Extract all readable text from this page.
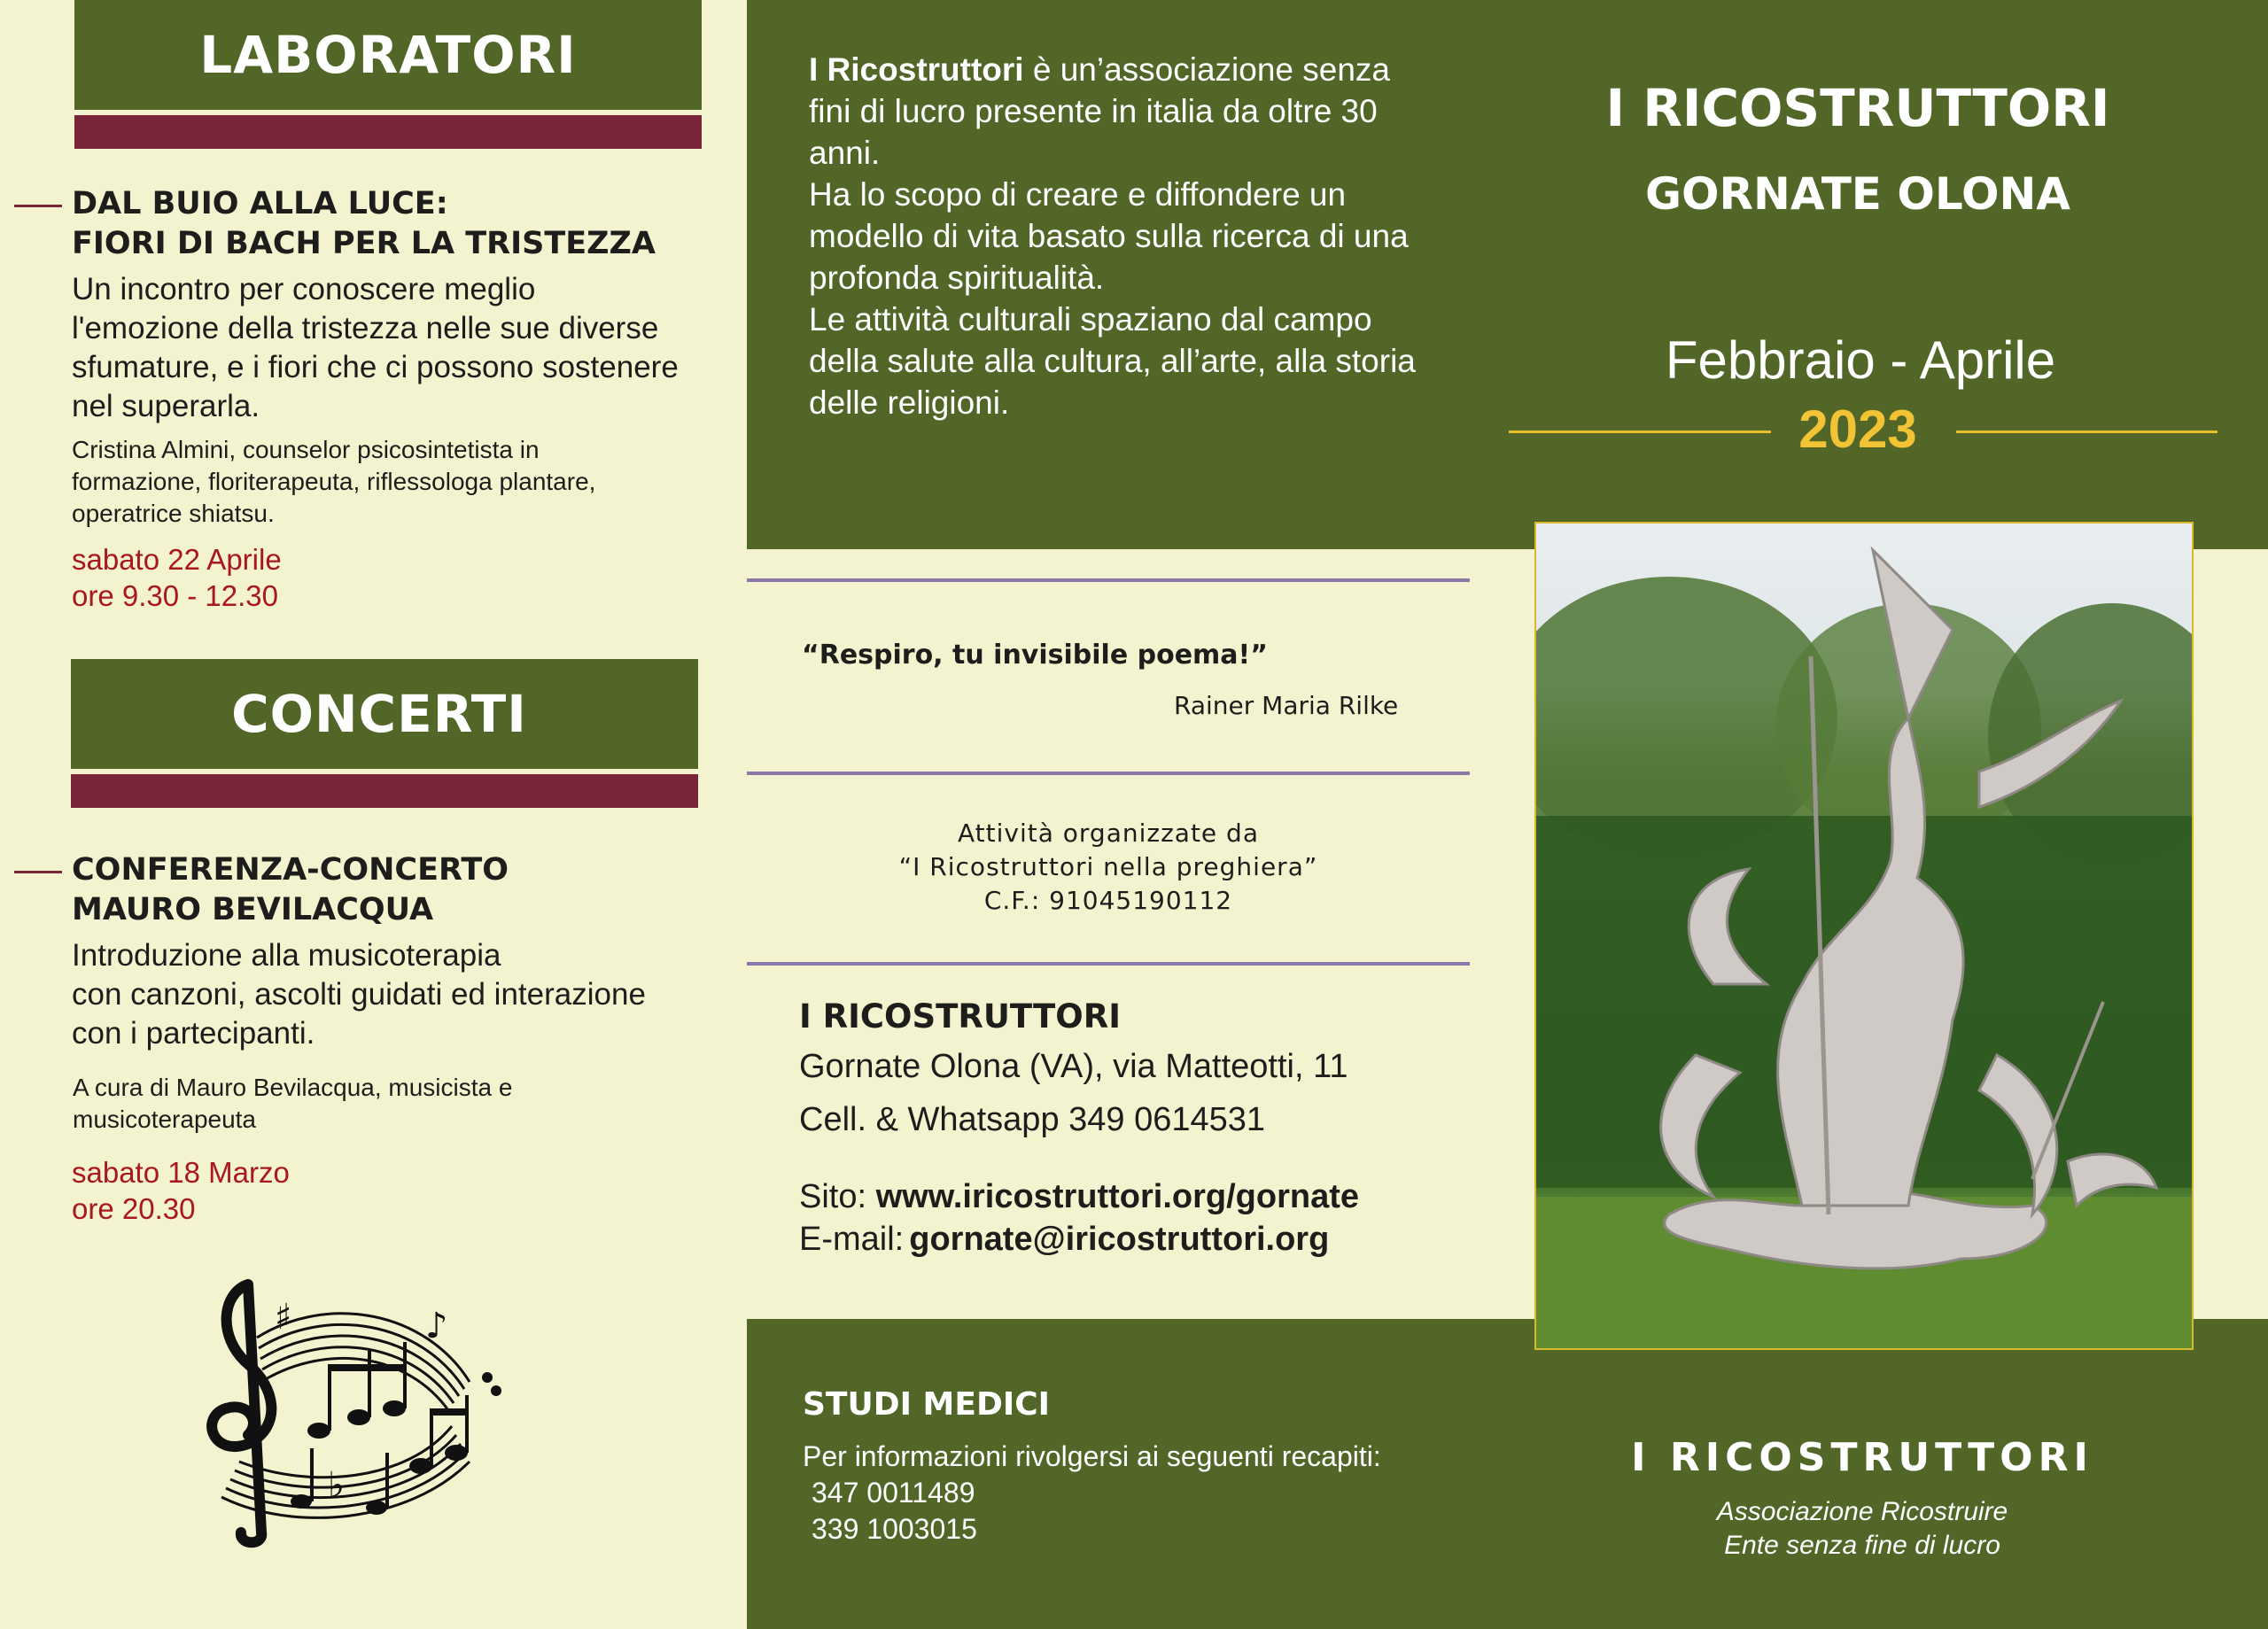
LABORATORI
DAL BUIO ALLA LUCE:
FIORI DI BACH PER LA TRISTEZZA
Un incontro per conoscere meglio
l'emozione della tristezza nelle sue diverse
sfumature, e i fiori che ci possono sostenere
nel superarla.
Cristina Almini, counselor psicosintetista in
formazione, floriterapeuta, riflessologa plantare,
operatrice shiatsu.
sabato 22 Aprile
ore 9.30 - 12.30
CONCERTI
CONFERENZA-CONCERTO
MAURO BEVILACQUA
Introduzione alla musicoterapia
con canzoni, ascolti guidati ed interazione
con i partecipanti.
A cura di Mauro Bevilacqua, musicista e
musicoterapeuta
sabato 18 Marzo
ore 20.30
♯
♭
♪
I Ricostruttori è un’associazione senza
fini di lucro presente in italia da oltre 30
anni.
Ha lo scopo di creare e diffondere un
modello di vita basato sulla ricerca di una
profonda spiritualità.
Le attività culturali spaziano dal campo
della salute alla cultura, all’arte, alla storia
delle religioni.
“Respiro, tu invisibile poema!”
Rainer Maria Rilke
Attività organizzate da
“I Ricostruttori nella preghiera”
C.F.: 91045190112
I RICOSTRUTTORI
Gornate Olona (VA), via Matteotti, 11
Cell. & Whatsapp 349 0614531
Sito: www.iricostruttori.org/gornate
E-mail: gornate@iricostruttori.org
STUDI MEDICI
Per informazioni rivolgersi ai seguenti recapiti:
347 0011489
339 1003015
I RICOSTRUTTORI
GORNATE OLONA
Febbraio - Aprile
2023
I RICOSTRUTTORI
Associazione Ricostruire
Ente senza fine di lucro
